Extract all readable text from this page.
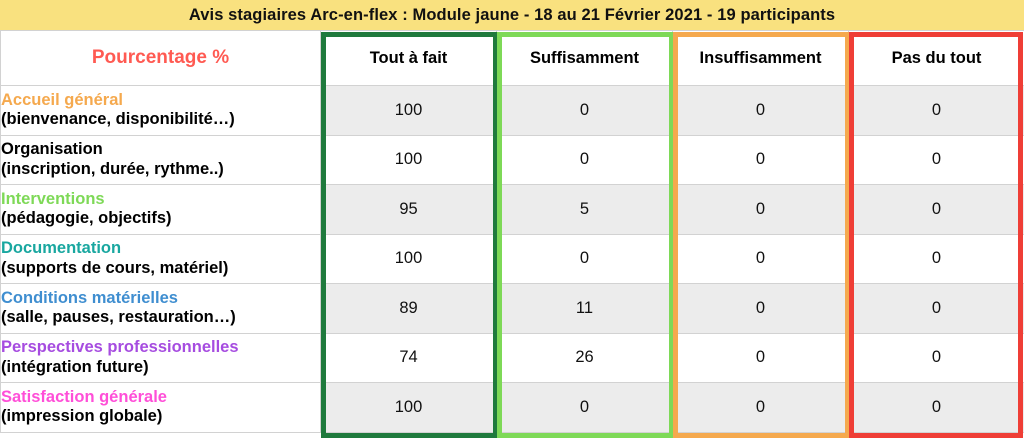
Avis stagiaires Arc-en-flex : Module jaune - 18 au 21 Février 2021 - 19 participants
Pourcentage %	Tout à fait	Suffisamment	Insuffisamment	Pas du tout

Accueil général
(bienvenance, disponibilité…)	100	0	0	0

Organisation
(inscription, durée, rythme..)	100	0	0	0

Interventions
(pédagogie, objectifs)	95	5	0	0

Documentation
(supports de cours, matériel)	100	0	0	0

Conditions matérielles
(salle, pauses, restauration…)	89	11	0	0

Perspectives professionnelles
(intégration future)	74	26	0	0

Satisfaction générale
(impression globale)	100	0	0	0
